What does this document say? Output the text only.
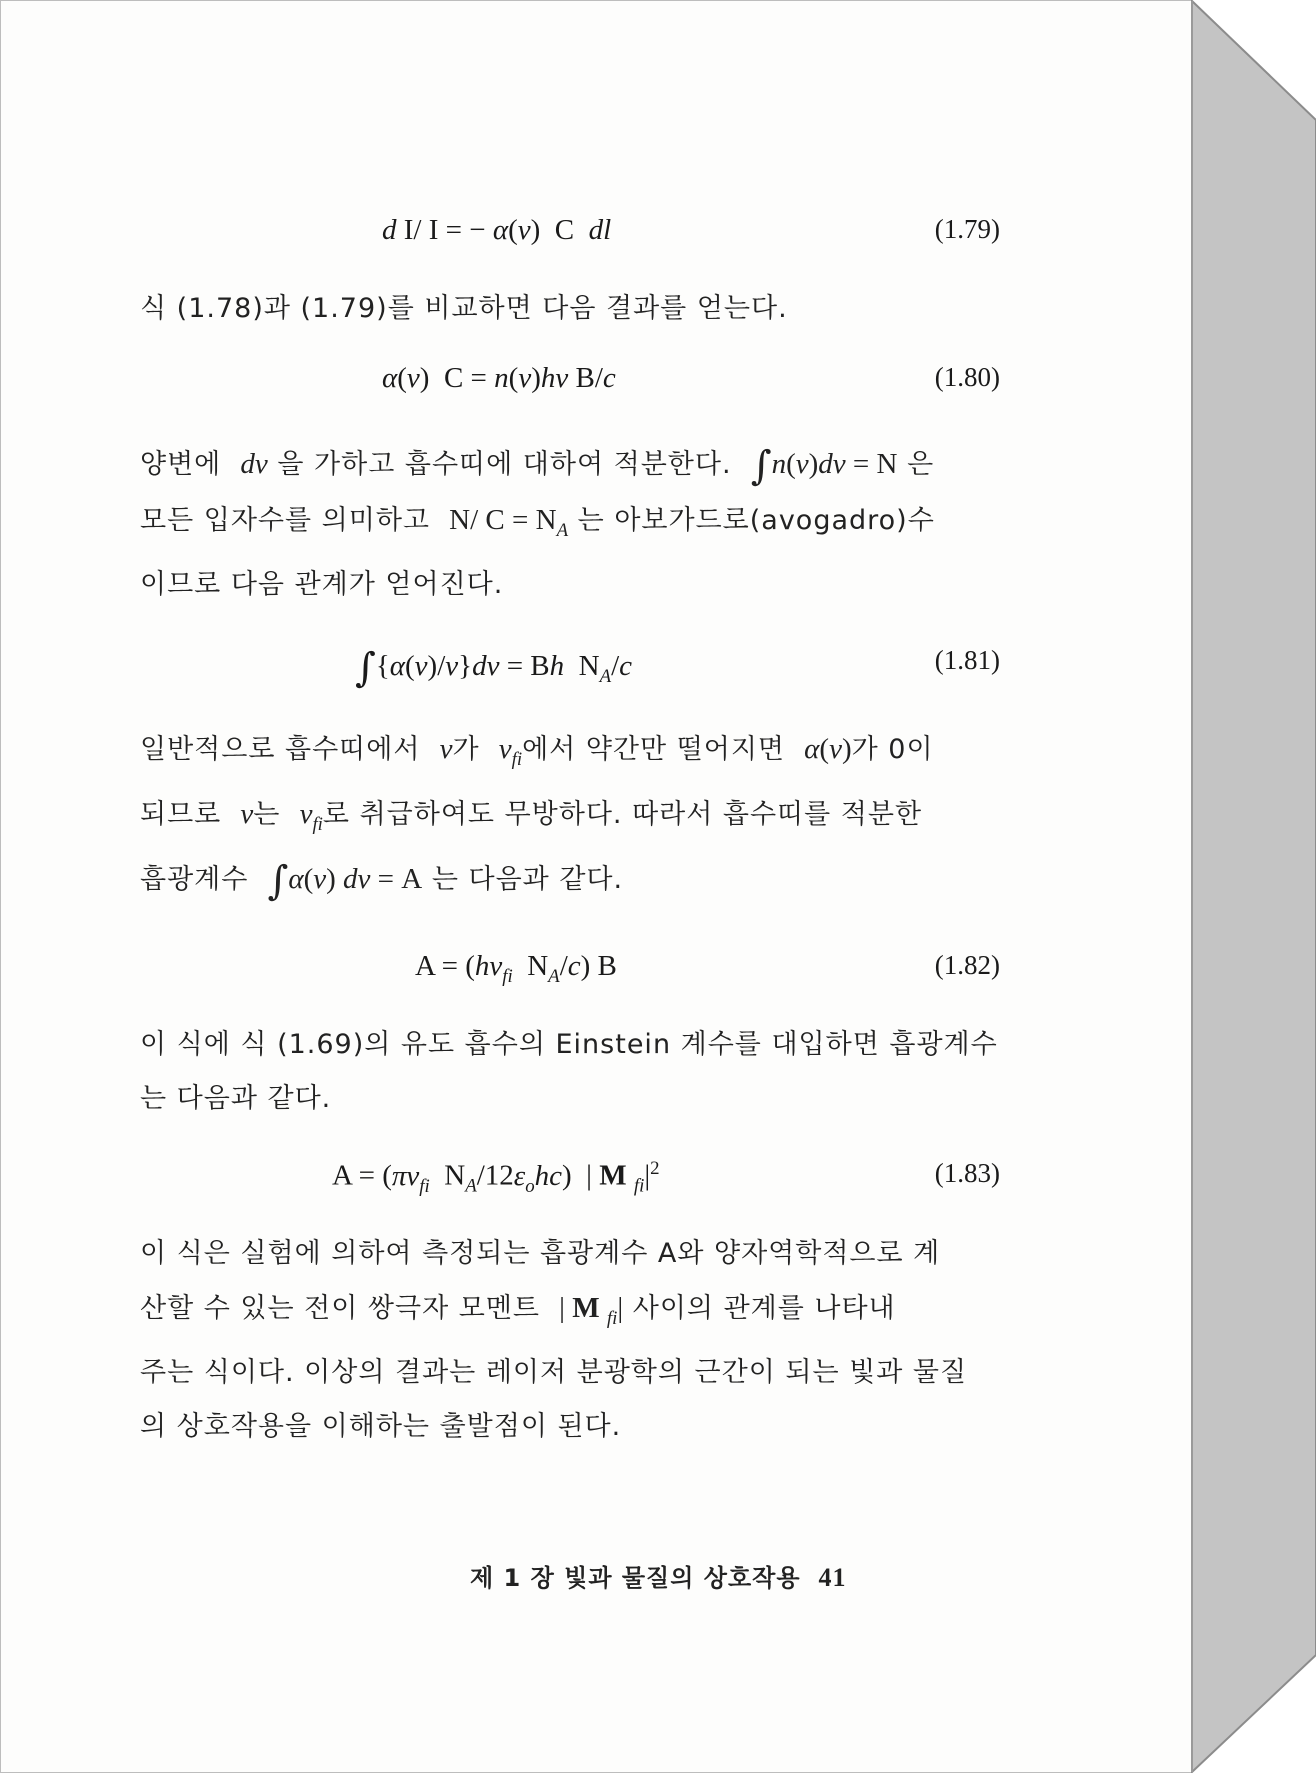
d I/ I = − α(ν)  C  dl	(1.79)
식 (1.78)과 (1.79)를 비교하면 다음 결과를 얻는다.
α(ν)  C = n(ν)hν B/c	(1.80)
양변에 dν 을 가하고 흡수띠에 대하여 적분한다. ∫n(ν)dν = N 은
모든 입자수를 의미하고 N/ $C = N_A$ 는 아보가드로(avogadro)수
이므로 다음 관계가 얻어진다.
∫{α(ν)/ν}dν = Bh  $N_A/c$	(1.81)
일반적으로 흡수띠에서 ν가 $\nu_{fi}$에서 약간만 떨어지면 α(ν)가 0이
되므로 ν는 $\nu_{fi}$로 취급하여도 무방하다. 따라서 흡수띠를 적분한
흡광계수 ∫α(ν) dν = A 는 다음과 같다.
$A = (h\nu_{fi}$  $N_A/c$) B	(1.82)
이 식에 식 (1.69)의 유도 흡수의 Einstein 계수를 대입하면 흡광계수
는 다음과 같다.
$A = (\pi\nu_{fi}$  $N_A/12\varepsilon_ohc$)  | M $_{fi}|^2$	(1.83)
이 식은 실험에 의하여 측정되는 흡광계수 A와 양자역학적으로 계
산할 수 있는 전이 쌍극자 모멘트 | M $_{fi}$| 사이의 관계를 나타내
주는 식이다. 이상의 결과는 레이저 분광학의 근간이 되는 빛과 물질
의 상호작용을 이해하는 출발점이 된다.
제 1 장 빛과 물질의 상호작용 41
